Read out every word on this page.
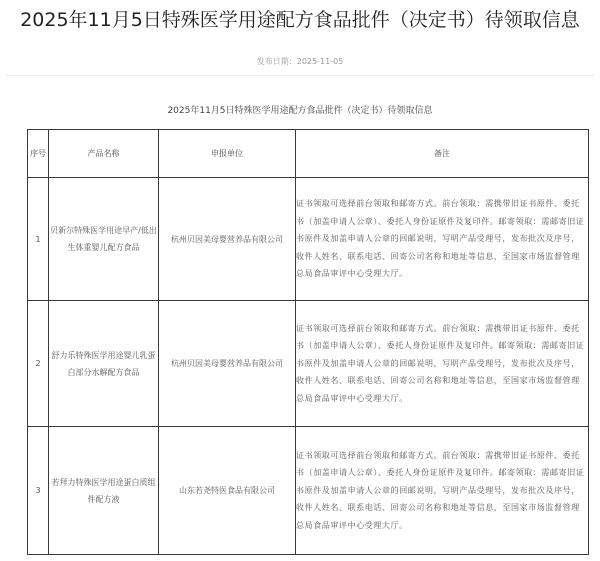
2025年11月5日特殊医学用途配方食品批件（决定书）待领取信息
发布日期：2025-11-05
2025年11月5日特殊医学用途配方食品批件（决定书）待领取信息
序号	产品名称	申报单位	备注
1	贝新尔特殊医学用途早产/低出生体重婴儿配方食品	杭州贝因美母婴营养品有限公司	证书领取可选择前台领取和邮寄方式。前台领取：需携带旧证书原件、委托书（加盖申请人公章）、委托人身份证原件及复印件。邮寄领取：需邮寄旧证书原件及加盖申请人公章的回邮说明，写明产品受理号，发布批次及序号，收件人姓名、联系电话、回寄公司名称和地址等信息，至国家市场监督管理总局食品审评中心受理大厅。
2	舒力乐特殊医学用途婴儿乳蛋白部分水解配方食品	杭州贝因美母婴营养品有限公司	证书领取可选择前台领取和邮寄方式。前台领取：需携带旧证书原件、委托书（加盖申请人公章）、委托人身份证原件及复印件。邮寄领取：需邮寄旧证书原件及加盖申请人公章的回邮说明，写明产品受理号，发布批次及序号，收件人姓名、联系电话、回寄公司名称和地址等信息，至国家市场监督管理总局食品审评中心受理大厅。
3	若拜力特殊医学用途蛋白质组件配方液	山东若尧特医食品有限公司	证书领取可选择前台领取和邮寄方式。前台领取：需携带旧证书原件、委托书（加盖申请人公章）、委托人身份证原件及复印件。邮寄领取：需邮寄旧证书原件及加盖申请人公章的回邮说明，写明产品受理号，发布批次及序号，收件人姓名、联系电话、回寄公司名称和地址等信息，至国家市场监督管理总局食品审评中心受理大厅。
